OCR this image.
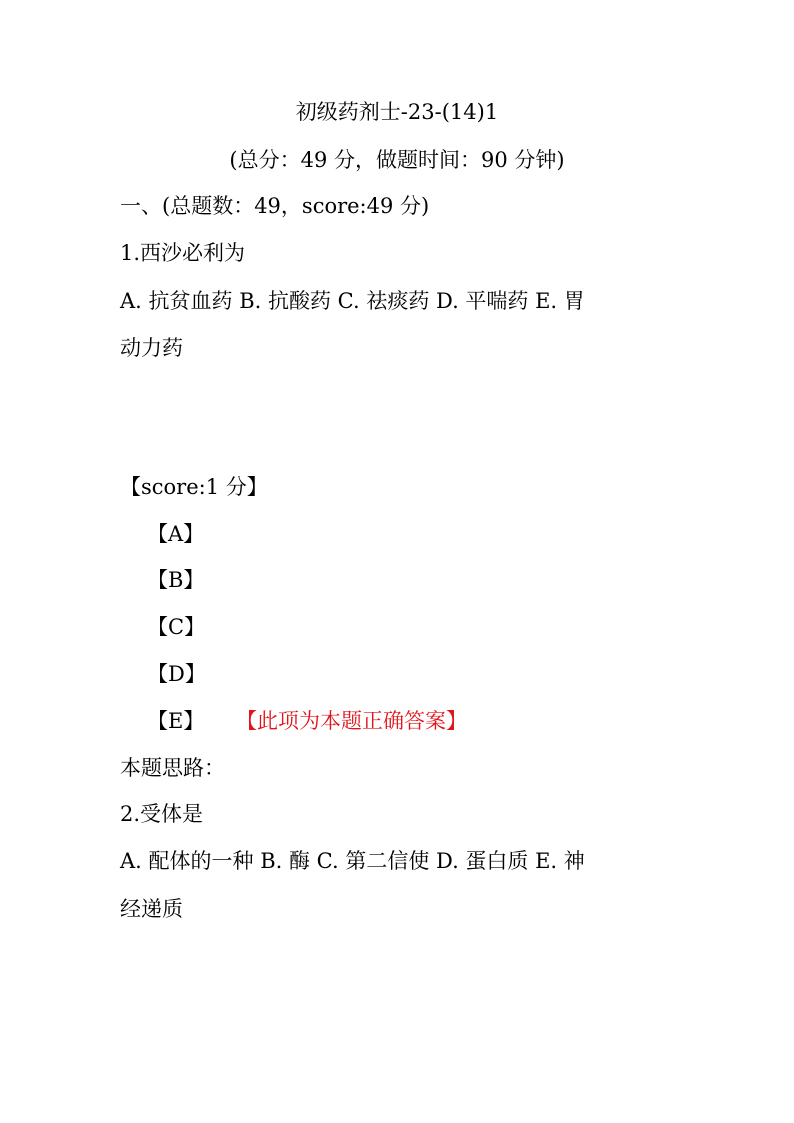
初级药剂士-23-(14)1
(总分：49 分，做题时间：90 分钟)
一、(总题数：49，score:49 分)
1.西沙必利为
A. 抗贫血药 B. 抗酸药 C. 祛痰药 D. 平喘药 E. 胃
动力药
【score:1 分】
【A】
【B】
【C】
【D】
【E】 【此项为本题正确答案】
本题思路：
2.受体是
A. 配体的一种 B. 酶 C. 第二信使 D. 蛋白质 E. 神
经递质
